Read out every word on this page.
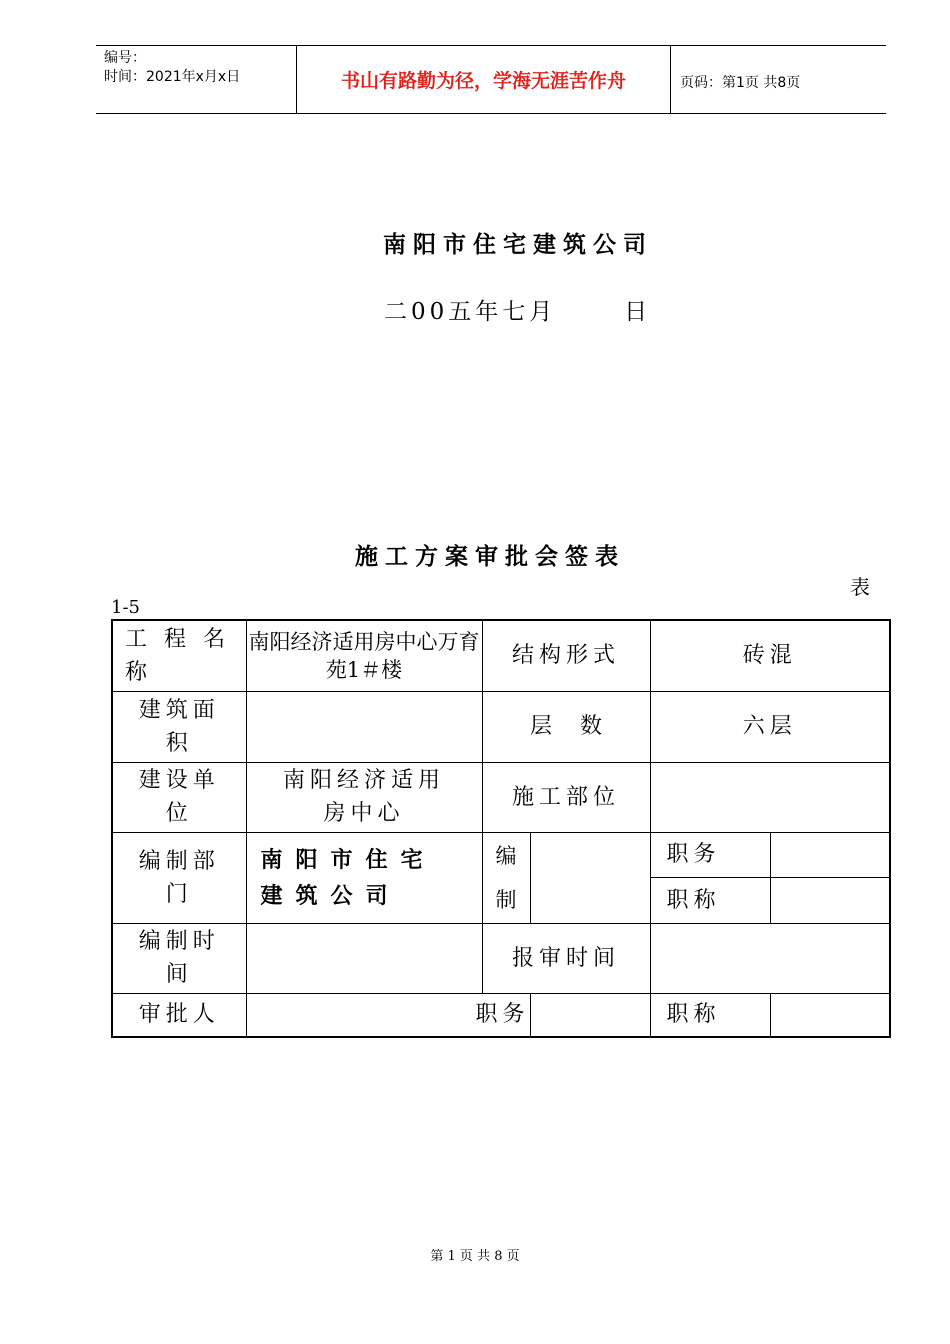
编号：
时间：2021年x月x日	书山有路勤为径，学海无涯苦作舟	页码：第1页 共8页
南阳市住宅建筑公司
二00五年七月      日
施工方案审批会签表
表
1-5
工 程 名称	南阳经济适用房中心万育苑1＃楼	结构形式		砖混	
建筑面积		层    数		六层	
建设单位	南阳经济适用房中心	施工部位			
编制部门	南阳市住宅建筑公司	编制		职务	
				职称	
编制时间		报审时间			
审批人	职务			职称	
第 1 页 共 8 页
